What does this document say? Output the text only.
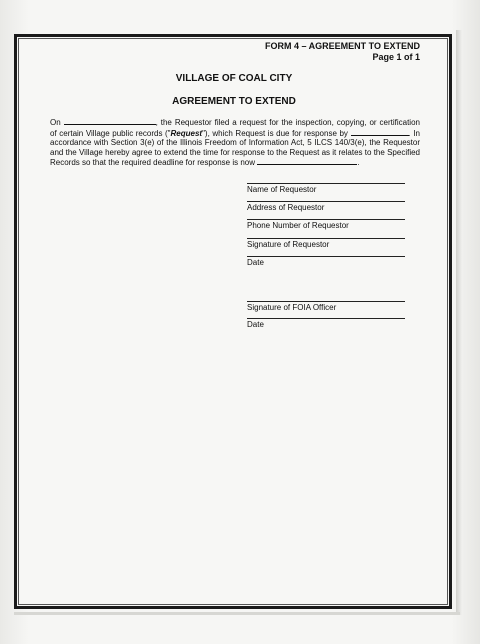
FORM 4 – AGREEMENT TO EXTEND
Page 1 of 1
VILLAGE OF COAL CITY
AGREEMENT TO EXTEND
On	, the Requestor filed a request for the inspection, copying, or certification of certain Village public records ("Request"), which Request is due for response by	. In accordance with Section 3(e) of the Illinois Freedom of Information Act, 5 ILCS 140/3(e), the Requestor and the Village hereby agree to extend the time for response to the Request as it relates to the Specified Records so that the required deadline for response is now	.
Name of Requestor
Address of Requestor
Phone Number of Requestor
Signature of Requestor
Date
Signature of FOIA Officer
Date
